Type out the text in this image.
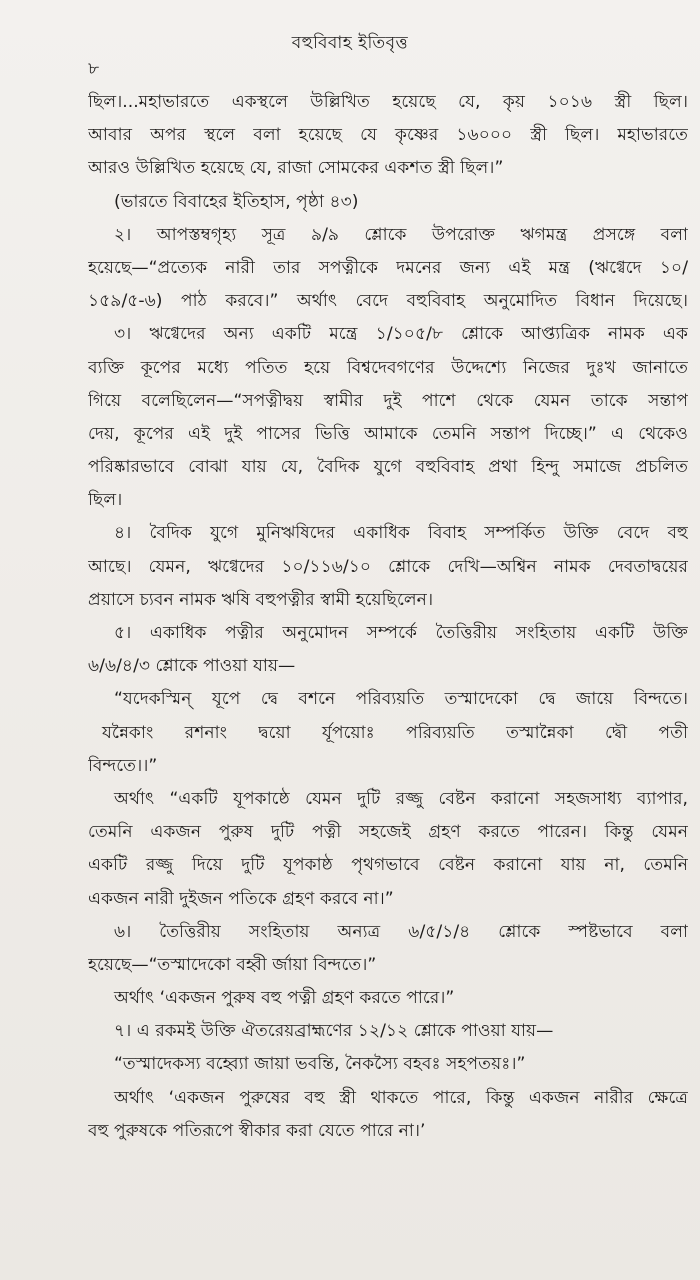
বহুবিবাহ ইতিবৃত্ত
৮
ছিল।...মহাভারতে একস্থলে উল্লিখিত হয়েছে যে, কৃয় ১০১৬ স্ত্রী ছিল।
আবার অপর স্থলে বলা হয়েছে যে কৃষ্ণের ১৬০০০ স্ত্রী ছিল। মহাভারতে
আরও উল্লিখিত হয়েছে যে, রাজা সোমকের একশত স্ত্রী ছিল।”
(ভারতে বিবাহের ইতিহাস, পৃষ্ঠা ৪৩)
২। আপস্তম্বগৃহ্য সূত্র ৯/৯ শ্লোকে উপরোক্ত ঋগমন্ত্র প্রসঙ্গে বলা
হয়েছে—“প্রত্যেক নারী তার সপত্নীকে দমনের জন্য এই মন্ত্র (ঋগ্বেদে ১০/
১৫৯/৫-৬) পাঠ করবে।” অর্থাৎ বেদে বহুবিবাহ অনুমোদিত বিধান দিয়েছে।
৩। ঋগ্বেদের অন্য একটি মন্ত্রে ১/১০৫/৮ শ্লোকে আপ্ত্যত্রিক নামক এক
ব্যক্তি কূপের মধ্যে পতিত হয়ে বিশ্বদেবগণের উদ্দেশ্যে নিজের দুঃখ জানাতে
গিয়ে বলেছিলেন—“সপত্নীদ্বয় স্বামীর দুই পাশে থেকে যেমন তাকে সন্তাপ
দেয়, কূপের এই দুই পাসের ভিত্তি আমাকে তেমনি সন্তাপ দিচ্ছে।” এ থেকেও
পরিষ্কারভাবে বোঝা যায় যে, বৈদিক যুগে বহুবিবাহ প্রথা হিন্দু সমাজে প্রচলিত
ছিল।
৪। বৈদিক যুগে মুনিঋষিদের একাধিক বিবাহ সম্পর্কিত উক্তি বেদে বহু
আছে। যেমন, ঋগ্বেদের ১০/১১৬/১০ শ্লোকে দেখি—অশ্বিন নামক দেবতাদ্বয়ের
প্রয়াসে চ্যবন নামক ঋষি বহুপত্নীর স্বামী হয়েছিলেন।
৫। একাধিক পত্নীর অনুমোদন সম্পর্কে তৈত্তিরীয় সংহিতায় একটি উক্তি
৬/৬/৪/৩ শ্লোকে পাওয়া যায়—
“যদেকস্মিন্ যূপে দ্বে বশনে পরিব্যয়তি তস্মাদেকো দ্বে জায়ে বিন্দতে।
যন্নৈকাং রশনাং দ্বয়ো র্যূপয়োঃ পরিব্যয়তি তস্মান্নৈকা দ্বৌ পতী
বিন্দতে।।”
অর্থাৎ “একটি যূপকাষ্ঠে যেমন দুটি রজ্জু বেষ্টন করানো সহজসাধ্য ব্যাপার,
তেমনি একজন পুরুষ দুটি পত্নী সহজেই গ্রহণ করতে পারেন। কিন্তু যেমন
একটি রজ্জু দিয়ে দুটি যূপকাষ্ঠ পৃথগভাবে বেষ্টন করানো যায় না, তেমনি
একজন নারী দুইজন পতিকে গ্রহণ করবে না।”
৬। তৈত্তিরীয় সংহিতায় অন্যত্র ৬/৫/১/৪ শ্লোকে স্পষ্টভাবে বলা
হয়েছে—“তস্মাদেকো বহ্বী র্জায়া বিন্দতে।”
অর্থাৎ ‘একজন পুরুষ বহু পত্নী গ্রহণ করতে পারে।”
৭। এ রকমই উক্তি ঐতরেয়ব্রাহ্মণের ১২/১২ শ্লোকে পাওয়া যায়—
“তস্মাদেকস্য বহ্ব্যো জায়া ভবন্তি, নৈকস্যৈ বহবঃ সহপতয়ঃ।”
অর্থাৎ ‘একজন পুরুষের বহু স্ত্রী থাকতে পারে, কিন্তু একজন নারীর ক্ষেত্রে
বহু পুরুষকে পতিরূপে স্বীকার করা যেতে পারে না।’
